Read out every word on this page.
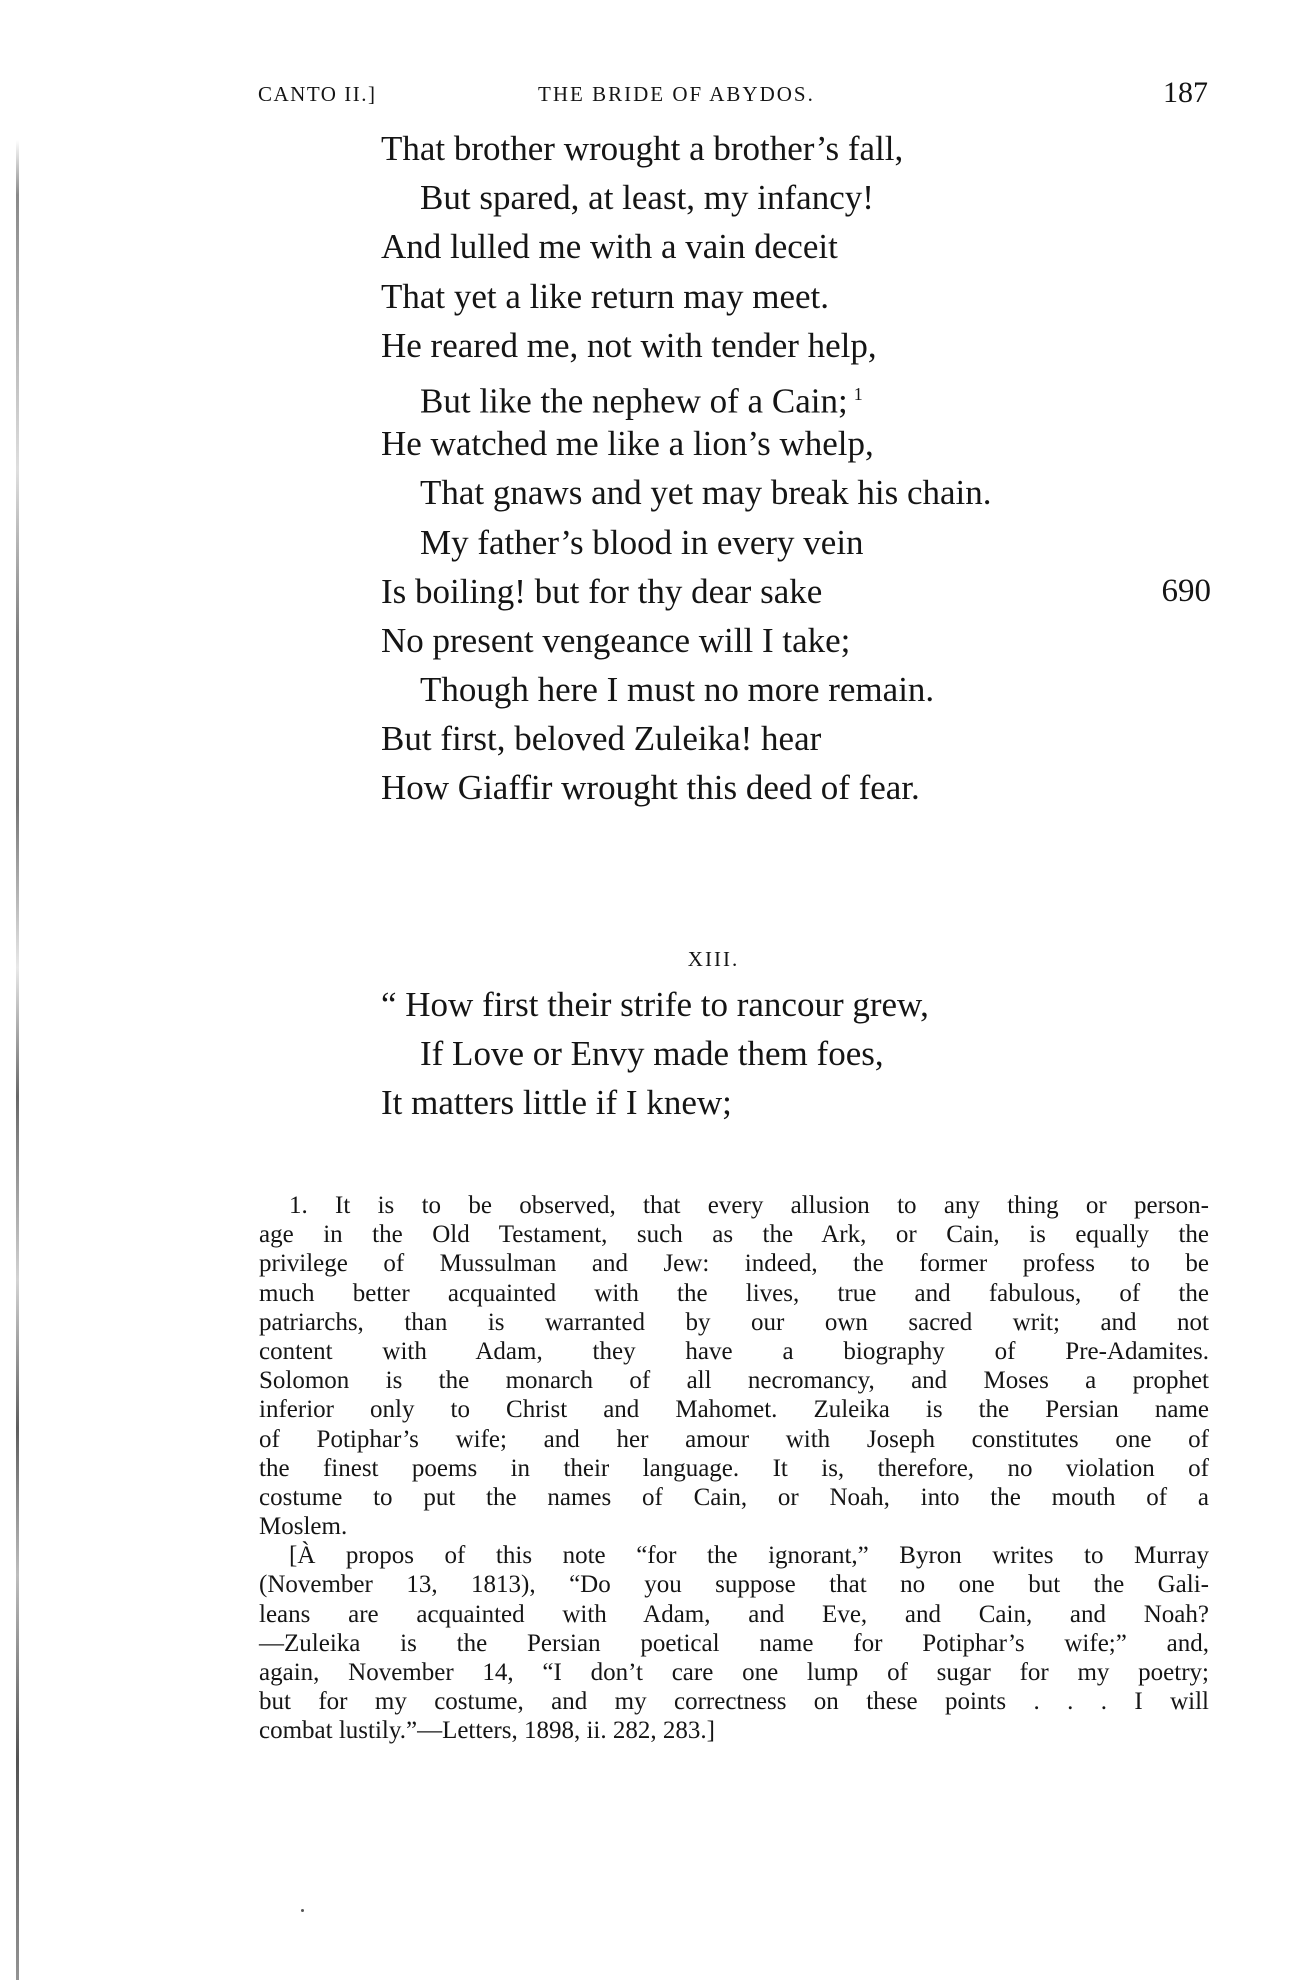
CANTO II.]	THE BRIDE OF ABYDOS.	187
That brother wrought a brother’s fall,
But spared, at least, my infancy!
And lulled me with a vain deceit
That yet a like return may meet.
He reared me, not with tender help,
But like the nephew of a Cain; $^1$
He watched me like a lion’s whelp,
That gnaws and yet may break his chain.
My father’s blood in every vein
Is boiling! but for thy dear sake	690
No present vengeance will I take;
Though here I must no more remain.
But first, beloved Zuleika! hear
How Giaffir wrought this deed of fear.
XIII.
“ How first their strife to rancour grew,
If Love or Envy made them foes,
It matters little if I knew;
1. It is to be observed, that every allusion to any thing or person-
age in the Old Testament, such as the Ark, or Cain, is equally the
privilege of Mussulman and Jew: indeed, the former profess to be
much better acquainted with the lives, true and fabulous, of the
patriarchs, than is warranted by our own sacred writ; and not
content with Adam, they have a biography of Pre-Adamites.
Solomon is the monarch of all necromancy, and Moses a prophet
inferior only to Christ and Mahomet. Zuleika is the Persian name
of Potiphar’s wife; and her amour with Joseph constitutes one of
the finest poems in their language. It is, therefore, no violation of
costume to put the names of Cain, or Noah, into the mouth of a
Moslem.
[À propos of this note “for the ignorant,” Byron writes to Murray
(November 13, 1813), “Do you suppose that no one but the Gali-
leans are acquainted with Adam, and Eve, and Cain, and Noah?
—Zuleika is the Persian poetical name for Potiphar’s wife;” and,
again, November 14, “I don’t care one lump of sugar for my poetry;
but for my costume, and my correctness on these points . . . I will
combat lustily.”—Letters, 1898, ii. 282, 283.]
